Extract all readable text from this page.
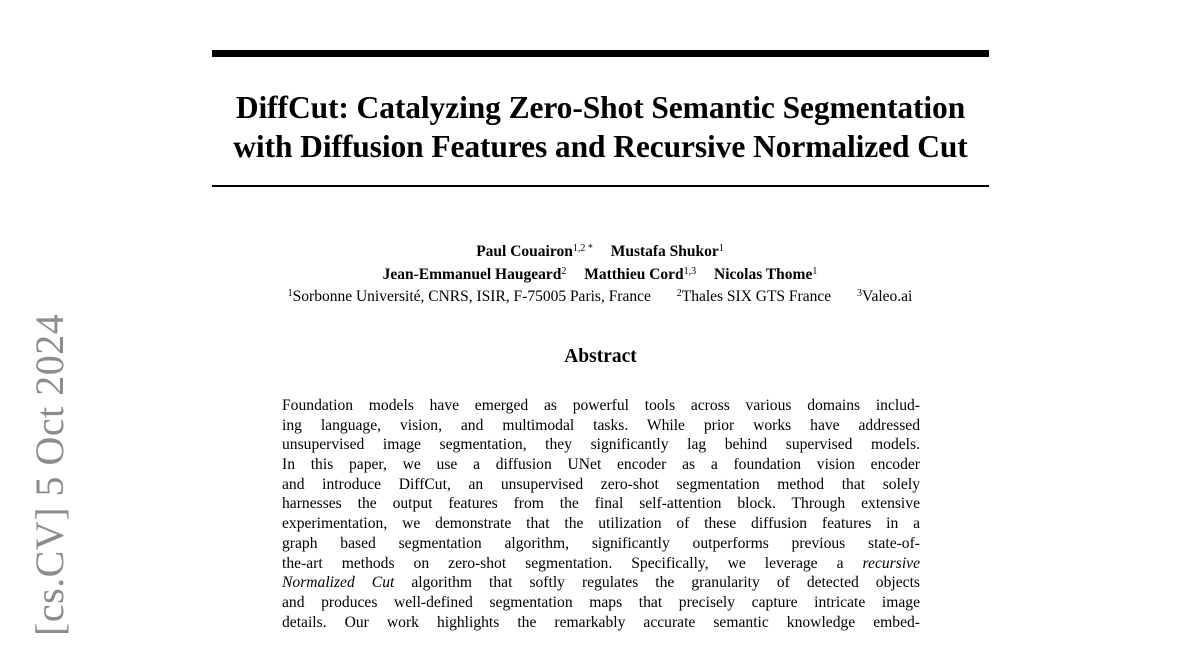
DiffCut: Catalyzing Zero-Shot Semantic Segmentation
with Diffusion Features and Recursive Normalized Cut
Paul Couairon$^{1,2 *}$ Mustafa Shukor$^1$
Jean-Emmanuel Haugeard$^2$ Matthieu Cord$^{1,3}$ Nicolas Thome$^1$
$^1$Sorbonne Université, CNRS, ISIR, F-75005 Paris, France	$^2$Thales SIX GTS France	$^3$Valeo.ai
Abstract
Foundation models have emerged as powerful tools across various domains includ-
ing language, vision, and multimodal tasks. While prior works have addressed
unsupervised image segmentation, they significantly lag behind supervised models.
In this paper, we use a diffusion UNet encoder as a foundation vision encoder
and introduce DiffCut, an unsupervised zero-shot segmentation method that solely
harnesses the output features from the final self-attention block. Through extensive
experimentation, we demonstrate that the utilization of these diffusion features in a
graph based segmentation algorithm, significantly outperforms previous state-of-
the-art methods on zero-shot segmentation. Specifically, we leverage a recursive
Normalized Cut algorithm that softly regulates the granularity of detected objects
and produces well-defined segmentation maps that precisely capture intricate image
details. Our work highlights the remarkably accurate semantic knowledge embed-
[cs.CV] 5 Oct 2024
